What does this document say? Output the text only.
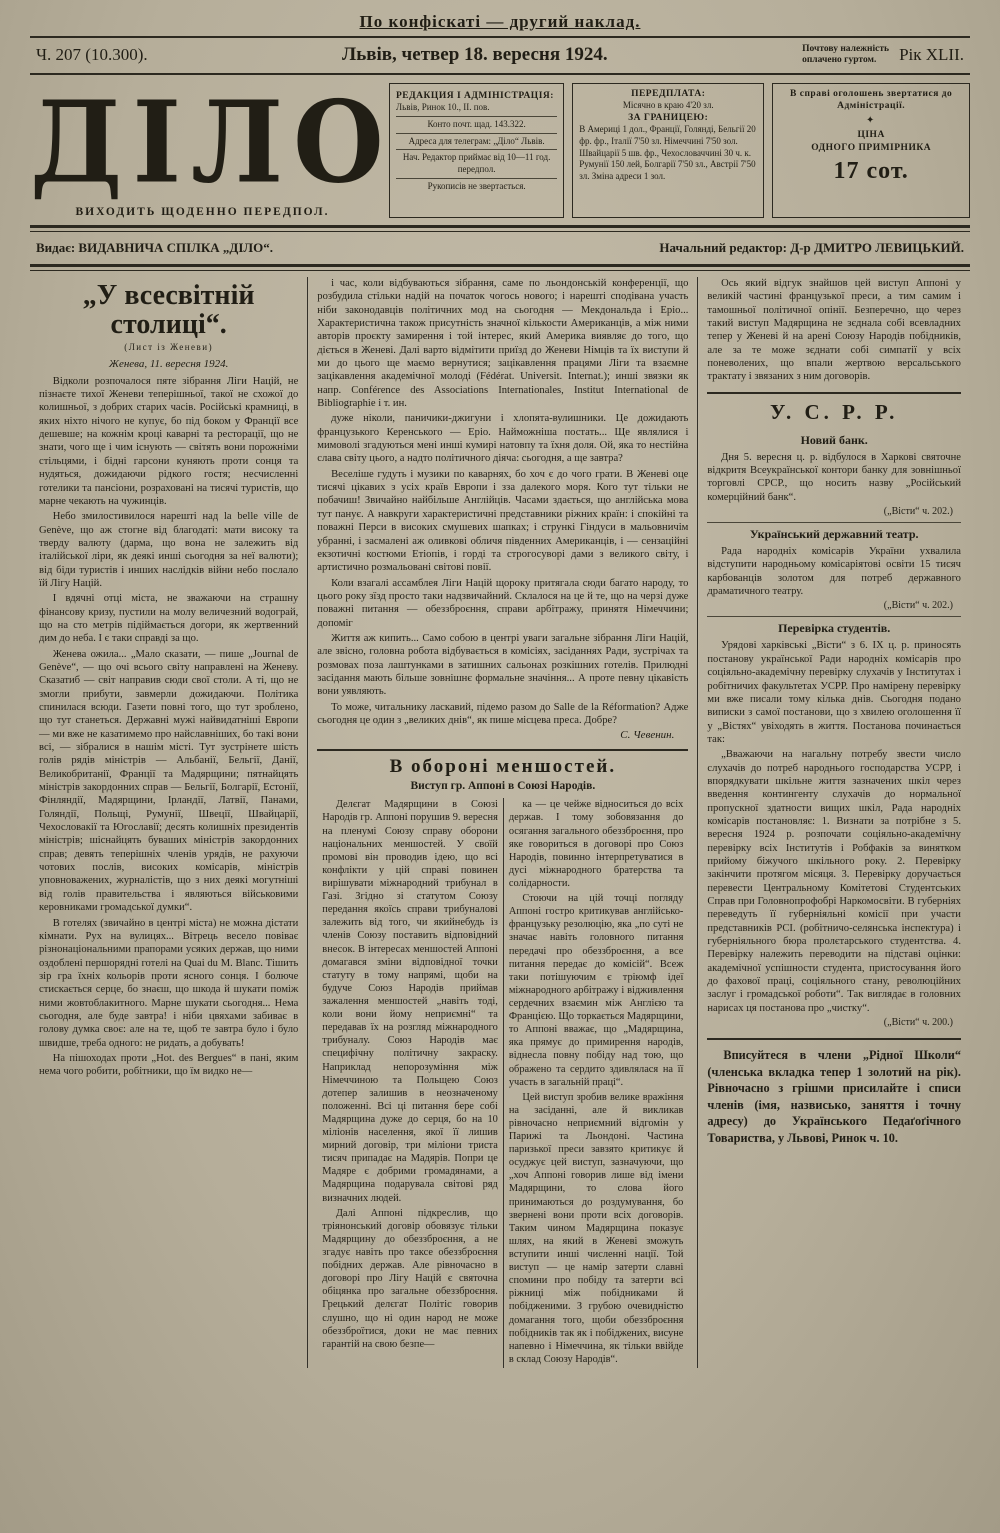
По конфіскаті — другий наклад.
Ч. 207 (10.300).	Львів, четвер 18. вересня 1924.	Почтову належність
оплачено гуртом.	Рік XLII.
ДІЛО
ВИХОДИТЬ ЩОДЕННО ПЕРЕДПОЛ.
РЕДАКЦИЯ І АДМІНІСТРАЦІЯ:
Львів, Ринок 10., II. пов.
Конто почт. щад. 143.322.
Адреса для телеграм: „Діло“ Львів.
Нач. Редактор приймає від 10—11 год. передпол.
Рукописів не звертається.
ПЕРЕДПЛАТА:
Місячно в краю 4'20 зл.
ЗА ГРАНИЦЕЮ:
В Америці 1 дол., Франції, Голянді, Бельгії 20 фр. фр., Італії 7'50 зл. Німеччині 7'50 зол. Швайцарії 5 шв. фр., Чехословаччині 30 ч. к. Румунії 150 лей, Болгарії 7'50 зл., Австрії 7'50 зл. Зміна адреси 1 зол.
В справі оголошень звертатися до Адміністрації.
✦
ЦІНА
ОДНОГО ПРИМІРНИКА
17 сот.
Видає: ВИДАВНИЧА СПІЛКА „ДІЛО“.	Начальний редактор: Д-р ДМИТРО ЛЕВИЦЬКИЙ.
„У всесвітній столиці“.
(Лист із Женеви)
Женева, 11. вересня 1924.

Відколи розпочалося пяте зібрання Ліги Націй, не пізнаєте тихої Женеви теперішньої, такої не схожої до колишньої, з добрих старих часів. Російські крамниці, в яких ніхто нічого не купує, бо під боком у Франції все дешевше; на кожнім кроці каварні та ресторації, що не знати, чого ще і чим існують — світять вони порожніми стільцями, і бідні гарсони куняють проти сонця та нудяться, дожидаючи рідкого гостя; несчисленні готелики та пансіони, розраховані на тисячі туристів, що марне чекають на чужинців.

Небо змилостивилося нарешті над la belle ville de Genève, що аж стогне від благодаті: мати високу та тверду валюту (дарма, що вона не залежить від італійської ліри, як деякі инші сьогодня за неї валюти); від біди туристів і инших наслідків війни небо послало їй Лігу Націй.

І вдячні отці міста, не зважаючи на страшну фінансову кризу, пустили на молу величезний водограй, що на сто метрів підіймається догори, як жертвенний дим до неба. І є таки справді за що.

Женева ожила... „Мало сказати, — пише „Journal de Genève“, — що очі всього світу направлені на Женеву. Сказатиб — світ направив сюди свої столи. А ті, що не змогли прибути, завмерли дожидаючи. Політика спинилася всюди. Газети повні того, що тут зроблено, що тут станеться. Державні мужі найвидатніші Европи — ми вже не казатимемо про найславніших, бо такі вони всі, — зібралися в нашім місті. Тут зустрінете шість голів рядів міністрів — Альбанії, Бельгії, Данії, Великобританії, Франції та Мадярщини; пятнайцять міністрів закордонних справ — Бельгії, Болгарії, Естонії, Фінляндії, Мадярщини, Ірландії, Латвії, Панами, Голяндії, Польщі, Румунії, Швеції, Швайцарії, Чехословакії та Югославії; десять колишніх президентів міністрів; шіснайцять буваших міністрів закордонних справ; девять теперішніх членів урядів, не рахуючи чотових послів, високих комісарів, міністрів уповноважених, журналістів, що з них деякі могутніші від голів правительства і являються військовими керовниками громадської думки“.

В готелях (звичайно в центрі міста) не можна дістати кімнати. Рух на вулицях... Вітрець весело повіває різнонаціональними прапорами усяких держав, що ними оздоблені першорядні готелі на Quai du M. Blanc. Тішить зір гра їхніх кольорів проти ясного сонця. І болюче стискається серце, бо знаєш, що шкода й шукати поміж ними жовтоблакитного. Марне шукати сьогодня... Нема сьогодня, але буде завтра! і ніби цвяхами забиває в голову думка своє: але на те, щоб те завтра було і було швидше, треба одного: не ридать, а добувать!

На пішоходах проти „Hot. des Bergues“ в пані, яким нема чого робити, робітники, що їм видко не—

і час, коли відбуваються зібрання, саме по льондонській конференції, що розбудила стільки надій на початок чогось нового; і нарешті сподівана участь ніби законодавців політичних мод на сьогодня — Мекдональда і Еріо... Характеристична також присутність значної кількости Американців, а між ними авторів проєкту замирення і той інтерес, який Америка виявляє до того, що діється в Женеві. Далі варто відмітити приїзд до Женеви Німців та їх виступи й ми до цього ще маємо вернутися; зацікавлення працями Ліги та взаємне зацікавлення академічної молоді (Fédérat. Universit. Internat.); инші звязки як напр. Conférence des Associations Internationales, Institut International de Bibliographie і т. ин.

дуже ніколи, паничики-джигуни і хлопята-вулишники. Це дожидають французького Керенського — Еріо. Найможніша постать... Ще являлися і мимоволі згадуються мені инші кумирі натовпу та їхня доля. Ой, яка то нестійна слава світу цього, а надто політичного діяча: сьогодня, а ще завтра?

Веселіше гудуть і музики по каварнях, бо хоч є до чого грати. В Женеві оце тисячі цікавих з усіх країв Европи і зза далекого моря. Кого тут тільки не побачиш! Звичайно найбільше Англійців. Часами здається, що англійська мова тут панує. А навкруги характеристичні представники ріжних країн: і спокійні та поважні Перси в високих смушевих шапках; і стрункі Гіндуси в мальовничім убранні, і засмалені аж оливкові обличя південних Американців, і — сензаційні екзотичні костюми Етіопів, і горді та строгосуворі дами з великого світу, і артистично розмальовані світові повії.

Коли взагалі ассамблея Ліги Націй щороку притягала сюди багато народу, то цього року зїзд просто таки надзвичайний. Склалося на це й те, що на черзі дуже поважні питання — обеззброєння, справи арбітражу, принятя Німеччини; допоміг

Життя аж кипить... Само собою в центрі уваги загальне зібрання Ліги Націй, але звісно, головна робота відбувається в комісіях, засіданнях Ради, зустрічах та розмовах поза лаштунками в затишних сальонах розкішних готелів. Прилюдні засідання мають більше зовнішнє формальне значіння... А проте певну цікавість вони уявляють.

То може, читальнику ласкавий, підемо разом до Salle de la Réformation? Адже сьогодня це один з „великих днів“, як пише місцева преса. Добре?

С. Чевенин.
В обороні меншостей.
Виступ гр. Аппоні в Союзі Народів.

Делєгат Мадярщини в Союзі Народів гр. Аппоні порушив 9. вересня на пленумі Союзу справу оборони національних меншостей. У своїй промові він проводив ідею, що всі конфлікти у цій справі повинен вирішувати міжнародний трибунал в Газі. Згідно зі статутом Союзу передання якоїсь справи трибуналові залежить від того, чи якийнебудь із членів Союзу поставить відповідний внесок. В інтересах меншостей Аппоні домагався зміни відповідної точки статуту в тому напрямі, щоби на будуче Союз Народів приймав зажалення меншостей „навіть тоді, коли вони йому неприємні“ та передавав їх на розгляд міжнародного трибуналу. Союз Народів має специфічну політичну закраску. Наприклад непорозуміння між Німеччиною та Польщею Союз дотепер залишив в неозначеному положенні. Всі ці питання бере собі Мадярщина дуже до серця, бо на 10 міліонів населення, якої її лишив мирний договір, три міліони триста тисяч припадає на Мадярів. Попри це Мадяре є добрими громадянами, а Мадярщина подарувала світові ряд визначних людей.

Далі Аппоні підкреслив, що тріянонський договір обовязує тільки Мадярщину до обеззброєння, а не згадує навіть про таксе обеззброєння побідних держав. Але рівночасно в договорі про Лігу Націй є святочна обіцянка про загальне обеззброєння. Грецький делєгат Політіс говорив слушно, що ні один народ не може обеззброїтися, доки не має певних гарантій на свою безпе—

ка — це чейже відноситься до всіх держав. І тому зобовязання до осягання загального обеззброєння, про яке говориться в договорі про Союз Народів, повинно інтерпретуватися в дусі міжнародного братерства та солідарности.

Стоючи на цій точці погляду Аппоні гостро критикував англійсько-французьку резолюцію, яка „по суті не значає навіть головного питання передачі про обеззброєння, а все питання передає до комісій“. Всеж таки потішуючим є тріюмф ідеї міжнародного арбітражу і відживлення сердечних взаємин між Англією та Францією. Що торкається Мадярщини, то Аппоні вважає, що „Мадярщина, яка прямує до примирення народів, віднесла повну побіду над тою, що ображено та сердито здивлялася на її участь в загальній праці“.

Цей виступ зробив велике вражіння на засіданні, але й викликав рівночасно неприємний відгомін у Парижі та Льондоні. Частина паризької преси завзято критикує й осуджує цей виступ, зазначуючи, що „хоч Аппоні говорив лише від імени Мадярщини, то слова його принимаються до роздумування, бо звернені вони проти всіх договорів. Таким чином Мадярщина показує шлях, на який в Женеві зможуть вступити инші численні нації. Той виступ — це намір затерти славні спомини про побіду та затерти всі ріжниці між побідниками й побідженими. З грубою очевидністю домагання того, щоби обеззброєння побідників так як і побіджених, висуне напевно і Німеччина, як тільки ввійде в склад Союзу Народів“.

Ось який відгук знайшов цей виступ Аппоні у великій частині французької преси, а тим самим і тамошньої політичної опінії. Безперечно, що через такий виступ Мадярщина не зєднала собі всевладних тепер у Женеві й на арені Союзу Народів побідників, але за те може зєднати собі симпатії у всіх поневолених, що впали жертвою версальського трактату і звязаних з ним договорів.

У. С. Р. Р.
Новий банк.

Дня 5. вересня ц. р. відбулося в Харкові святочне відкритя Всеукраїнської контори банку для зовнішньої торговлі СРСР., що носить назву „Російський комерційний банк“.

(„Вісти“ ч. 202.)
Український державний театр.

Рада народніх комісарів України ухвалила відступити народньому комісаріятові освіти 15 тисяч карбованців золотом для потреб державного драматичного театру.

(„Вісти“ ч. 202.)
Перевірка студентів.

Урядові харківські „Вісти“ з 6. IX ц. р. приносять постанову української Ради народніх комісарів про соціяльно-академічну перевірку слухачів у Інститутах і робітничих факультетах УСРР. Про намірену перевірку ми вже писали тому кілька днів. Сьогодня подано виписки з самої постанови, що з хвилею оголошення її у „Вістях“ увіходять в життя. Постанова починається так:

„Вважаючи на нагальну потребу звести число слухачів до потреб народнього господарства УСРР, і впорядкувати шкільне життя зазначених шкіл через введення контингенту слухачів до нормальної пропускної здатности вищих шкіл, Рада народніх комісарів постановляє: 1. Визнати за потрібне з 5. вересня 1924 р. розпочати соціяльно-академічну перевірку всіх Інститутів і Робфаків за винятком прийому біжучого шкільного року. 2. Перевірку закінчити протягом місяця. 3. Перевірку доручається перевести Центральному Комітетові Студентських Справ при Головнопрофобрі Наркомосвіти. В губерніях переведуть її губерніяльні комісії при участи представників РСІ. (робітничо-селянська інспектура) і губерніяльного бюра пролєтарського студентства. 4. Перевірку належить переводити на підставі оцінки: академічної успішности студента, пристосування його до фахової праці, соціяльного стану, революційних заслуг і громадської роботи“. Так виглядає в головних нарисах ця постанова про „чистку“.

(„Вісти“ ч. 200.)

Вписуйтеся в члени „Рідної Школи“ (членська вкладка тепер 1 золотий на рік). Рівночасно з грішми присилайте і списи членів (імя, назвисько, заняття і точну адресу) до Українського Педаґоґічного Товариства, у Львові, Ринок ч. 10.
